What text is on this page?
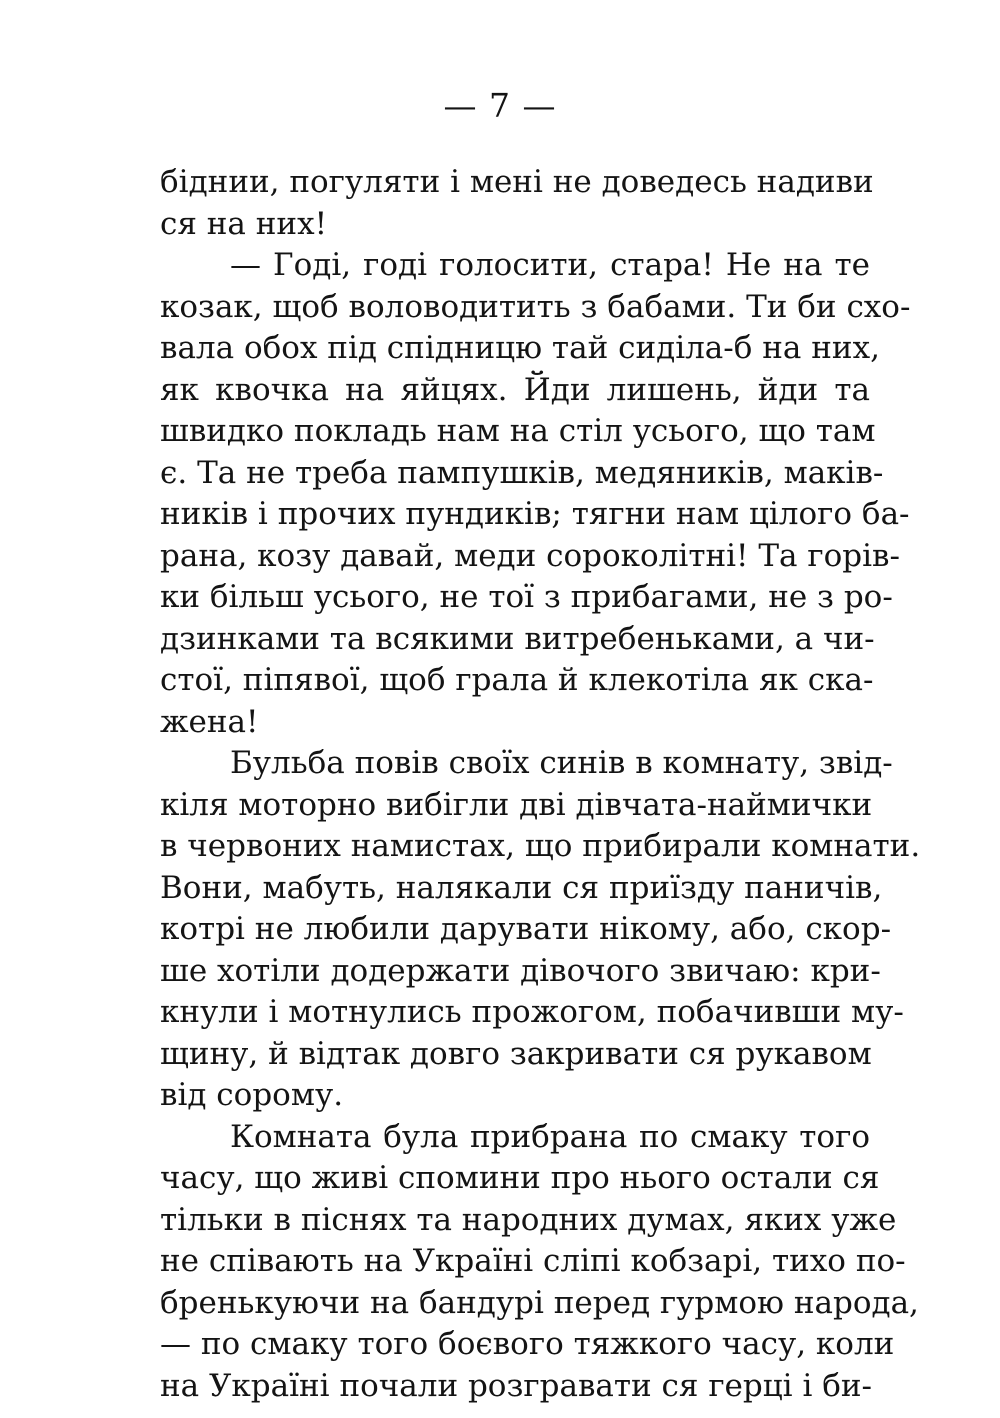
— 7 —
біднии, погуляти і мені не доведесь надиви
ся на них!
— Годі, годі голосити, стара! Не на те
козак, щоб воловодитить з бабами. Ти би схо-
вала обох під спідницю тай сиділа-б на них,
як квочка на яйцях. Йди лишень, йди та
швидко покладь нам на стіл усього, що там
є. Та не треба пампушків, медяників, маків-
ників і прочих пундиків; тягни нам цілого ба-
рана, козу давай, меди сороколітні! Та горів-
ки більш усього, не тої з прибагами, не з ро-
дзинками та всякими витребеньками, а чи-
стої, піпявої, щоб грала й клекотіла як ска-
жена!
Бульба повів своїх синів в комнату, звід-
кіля моторно вибігли дві дівчата-наймички
в червоних намистах, що прибирали комнати.
Вони, мабуть, налякали ся приїзду паничів,
котрі не любили дарувати нікому, або, скор-
ше хотіли додержати дівочого звичаю: кри-
кнули і мотнулись прожогом, побачивши му-
щину, й відтак довго закривати ся рукавом
від сорому.
Комната була прибрана по смаку того
часу, що живі спомини про нього остали ся
тільки в піснях та народних думах, яких уже
не співають на Україні сліпі кобзарі, тихо по-
бренькуючи на бандурі перед гурмою народа,
— по смаку того боєвого тяжкого часу, коли
на Україні почали розгравати ся герці і би-
